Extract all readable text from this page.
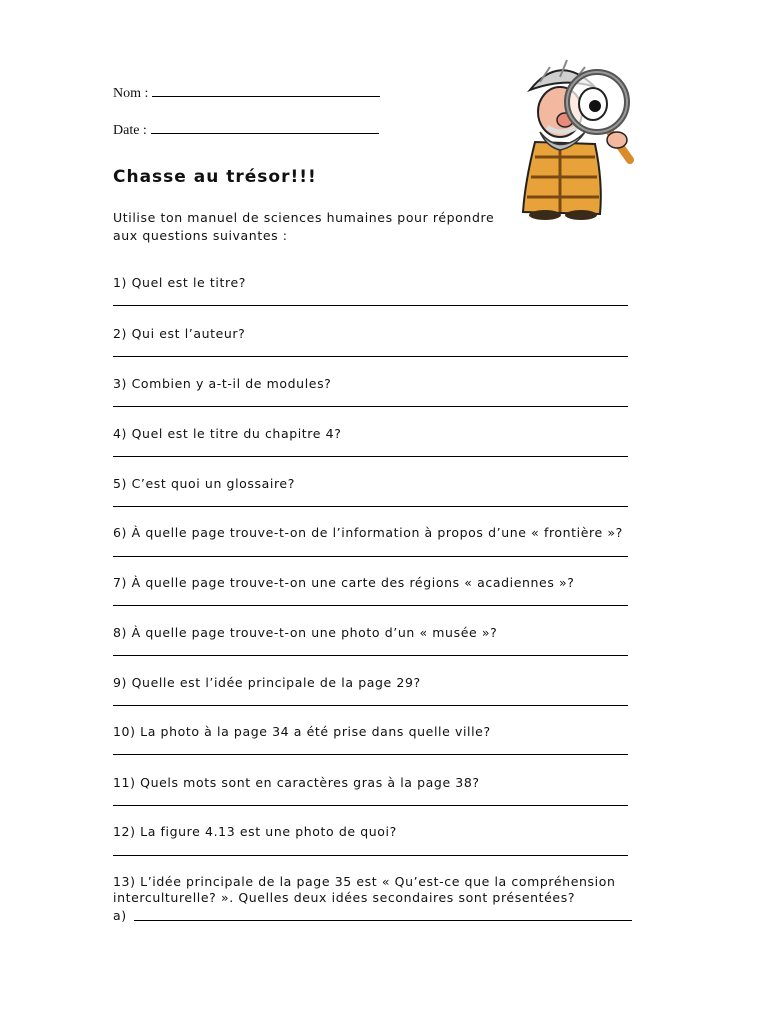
Nom :
Date :
Chasse au trésor!!!
Utilise ton manuel de sciences humaines pour répondre aux questions suivantes :
1) Quel est le titre?
2) Qui est l’auteur?
3) Combien y a-t-il de modules?
4) Quel est le titre du chapitre 4?
5) C’est quoi un glossaire?
6) À quelle page trouve-t-on de l’information à propos d’une « frontière »?
7) À quelle page trouve-t-on une carte des régions « acadiennes »?
8) À quelle page trouve-t-on une photo d’un « musée »?
9) Quelle est l’idée principale de la page 29?
10) La photo à la page 34 a été prise dans quelle ville?
11) Quels mots sont en caractères gras à la page 38?
12) La figure 4.13 est une photo de quoi?
13) L’idée principale de la page 35 est « Qu’est-ce que la compréhension interculturelle? ». Quelles deux idées secondaires sont présentées?
a)
